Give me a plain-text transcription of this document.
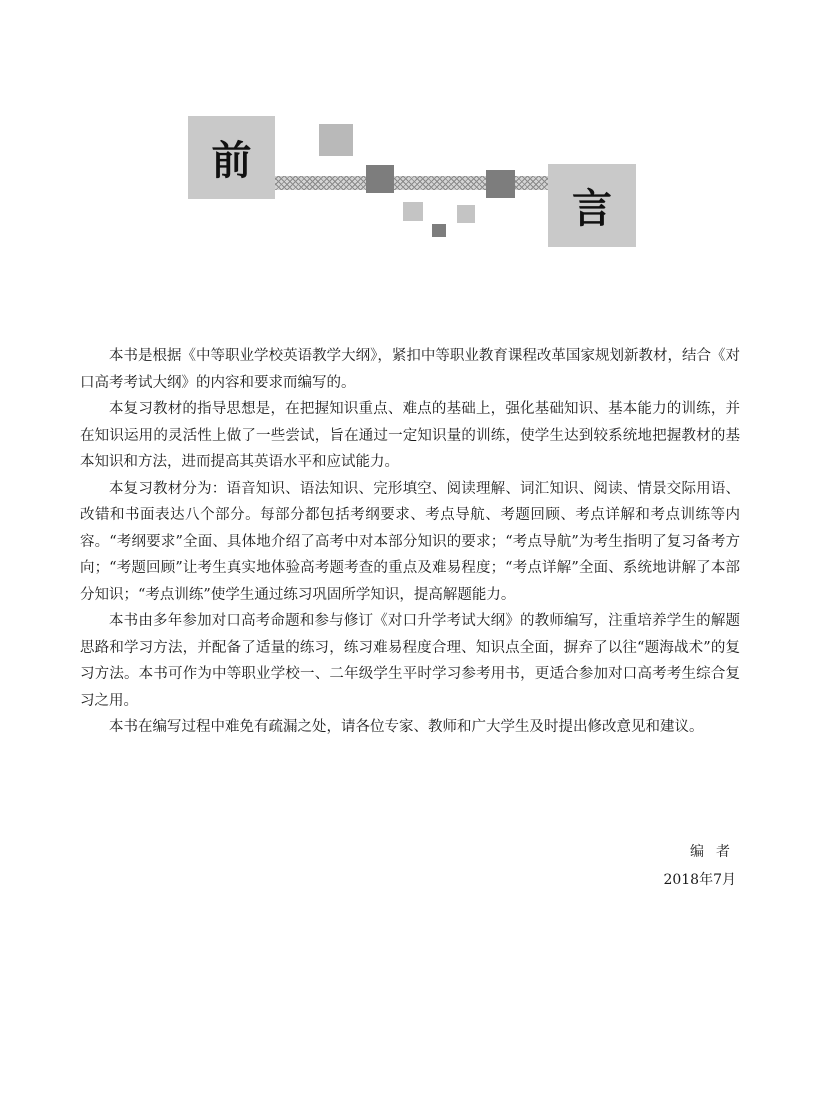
前
言

本书是根据《中等职业学校英语教学大纲》，紧扣中等职业教育课程改革国家规划新教材，结合《对口高考考试大纲》的内容和要求而编写的。

本复习教材的指导思想是，在把握知识重点、难点的基础上，强化基础知识、基本能力的训练，并在知识运用的灵活性上做了一些尝试，旨在通过一定知识量的训练，使学生达到较系统地把握教材的基本知识和方法，进而提高其英语水平和应试能力。

本复习教材分为：语音知识、语法知识、完形填空、阅读理解、词汇知识、阅读、情景交际用语、改错和书面表达八个部分。每部分都包括考纲要求、考点导航、考题回顾、考点详解和考点训练等内容。“考纲要求”全面、具体地介绍了高考中对本部分知识的要求；“考点导航”为考生指明了复习备考方向；“考题回顾”让考生真实地体验高考题考查的重点及难易程度；“考点详解”全面、系统地讲解了本部分知识；“考点训练”使学生通过练习巩固所学知识，提高解题能力。

本书由多年参加对口高考命题和参与修订《对口升学考试大纲》的教师编写，注重培养学生的解题思路和学习方法，并配备了适量的练习，练习难易程度合理、知识点全面，摒弃了以往“题海战术”的复习方法。本书可作为中等职业学校一、二年级学生平时学习参考用书，更适合参加对口高考考生综合复习之用。

本书在编写过程中难免有疏漏之处，请各位专家、教师和广大学生及时提出修改意见和建议。

编者
2018年7月
